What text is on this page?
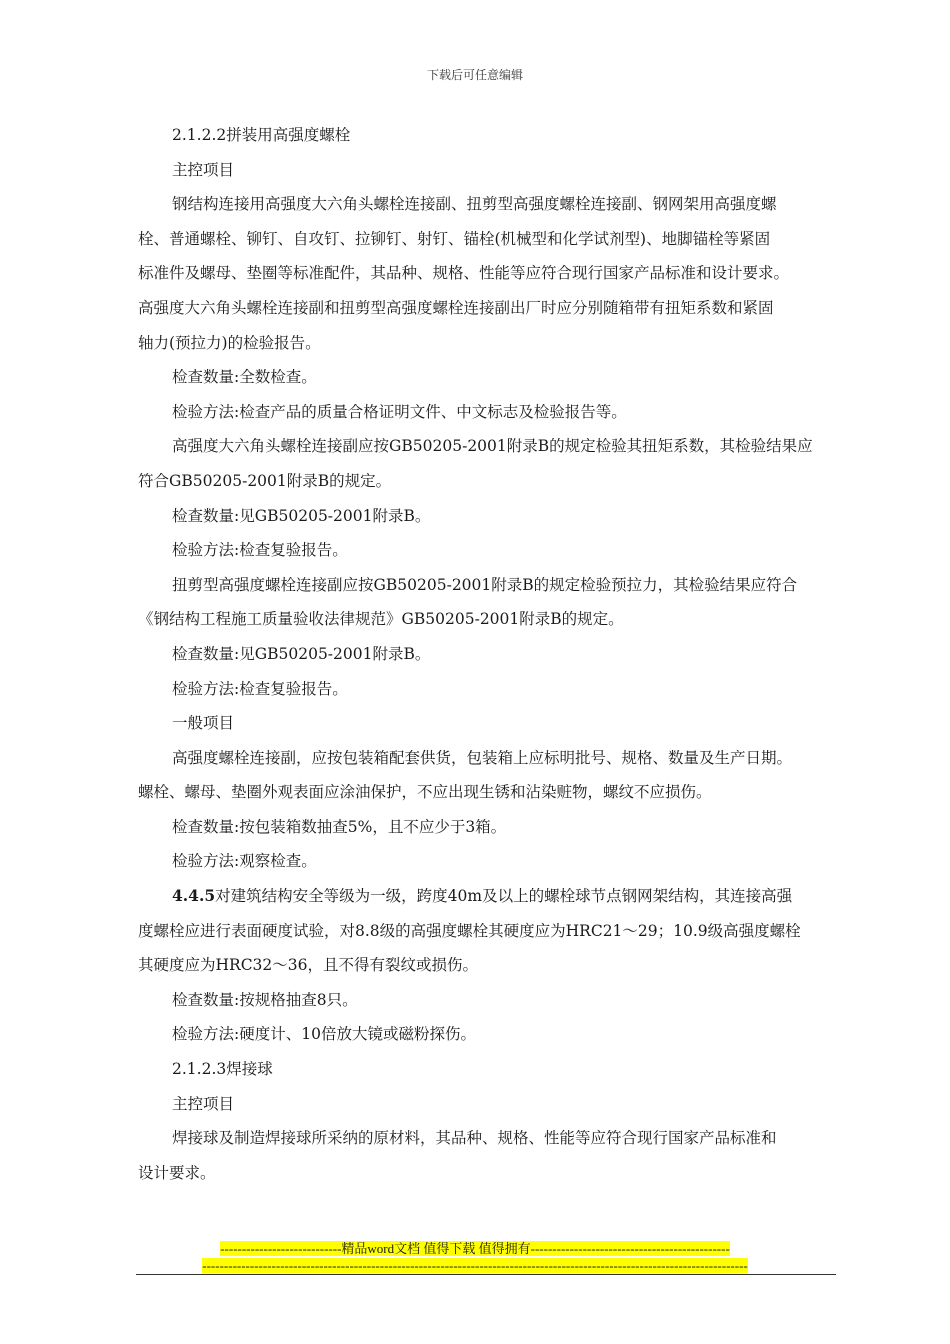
下载后可任意编辑

2.1.2.2拼装用高强度螺栓

主控项目

钢结构连接用高强度大六角头螺栓连接副、扭剪型高强度螺栓连接副、钢网架用高强度螺

栓、普通螺栓、铆钉、自攻钉、拉铆钉、射钉、锚栓(机械型和化学试剂型)、地脚锚栓等紧固

标准件及螺母、垫圈等标准配件，其品种、规格、性能等应符合现行国家产品标准和设计要求。

高强度大六角头螺栓连接副和扭剪型高强度螺栓连接副出厂时应分别随箱带有扭矩系数和紧固

轴力(预拉力)的检验报告。

检查数量:全数检查。

检验方法:检查产品的质量合格证明文件、中文标志及检验报告等。

高强度大六角头螺栓连接副应按GB50205-2001附录B的规定检验其扭矩系数，其检验结果应

符合GB50205-2001附录B的规定。

检查数量:见GB50205-2001附录B。

检验方法:检查复验报告。

扭剪型高强度螺栓连接副应按GB50205-2001附录B的规定检验预拉力，其检验结果应符合

《钢结构工程施工质量验收法律规范》GB50205-2001附录B的规定。

检查数量:见GB50205-2001附录B。

检验方法:检查复验报告。

一般项目

高强度螺栓连接副，应按包装箱配套供货，包装箱上应标明批号、规格、数量及生产日期。

螺栓、螺母、垫圈外观表面应涂油保护，不应出现生锈和沾染赃物，螺纹不应损伤。

检查数量:按包装箱数抽查5%，且不应少于3箱。

检验方法:观察检查。

4.4.5对建筑结构安全等级为一级，跨度40m及以上的螺栓球节点钢网架结构，其连接高强

度螺栓应进行表面硬度试验，对8.8级的高强度螺栓其硬度应为HRC21～29；10.9级高强度螺栓

其硬度应为HRC32～36，且不得有裂纹或损伤。

检查数量:按规格抽查8只。

检验方法:硬度计、10倍放大镜或磁粉探伤。

2.1.2.3焊接球

主控项目

焊接球及制造焊接球所采纳的原材料，其品种、规格、性能等应符合现行国家产品标准和

设计要求。

----------------------------精品word文档 值得下载 值得拥有----------------------------------------------
------------------------------------------------------------------------------------------------------------------------------
